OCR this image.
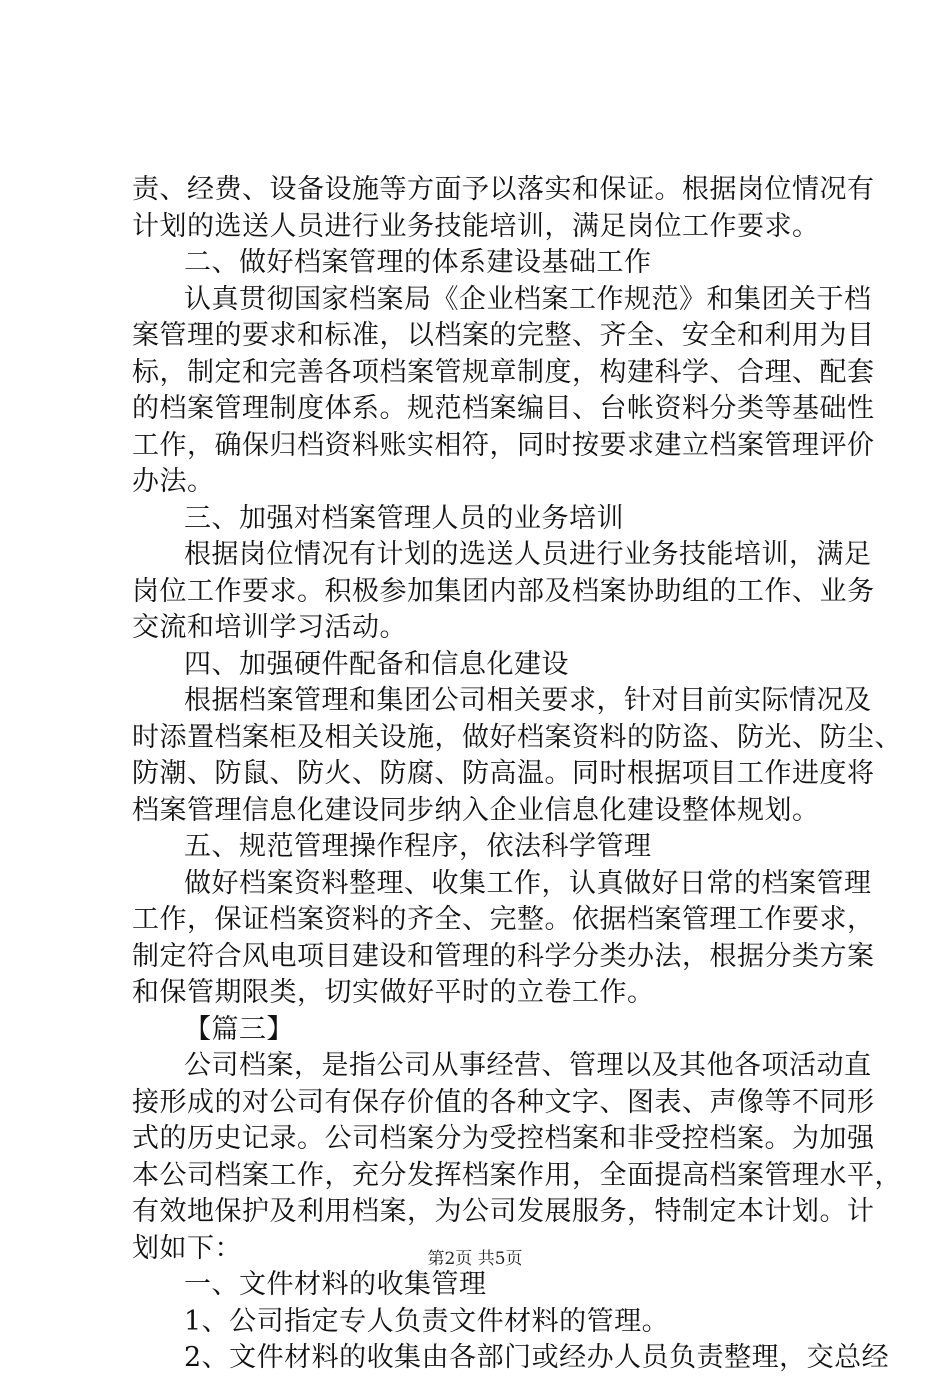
责、经费、设备设施等方面予以落实和保证。根据岗位情况有
计划的选送人员进行业务技能培训，满足岗位工作要求。
二、做好档案管理的体系建设基础工作
认真贯彻国家档案局《企业档案工作规范》和集团关于档
案管理的要求和标准，以档案的完整、齐全、安全和利用为目
标，制定和完善各项档案管规章制度，构建科学、合理、配套
的档案管理制度体系。规范档案编目、台帐资料分类等基础性
工作，确保归档资料账实相符，同时按要求建立档案管理评价
办法。
三、加强对档案管理人员的业务培训
根据岗位情况有计划的选送人员进行业务技能培训，满足
岗位工作要求。积极参加集团内部及档案协助组的工作、业务
交流和培训学习活动。
四、加强硬件配备和信息化建设
根据档案管理和集团公司相关要求，针对目前实际情况及
时添置档案柜及相关设施，做好档案资料的防盗、防光、防尘、
防潮、防鼠、防火、防腐、防高温。同时根据项目工作进度将
档案管理信息化建设同步纳入企业信息化建设整体规划。
五、规范管理操作程序，依法科学管理
做好档案资料整理、收集工作，认真做好日常的档案管理
工作，保证档案资料的齐全、完整。依据档案管理工作要求，
制定符合风电项目建设和管理的科学分类办法，根据分类方案
和保管期限类，切实做好平时的立卷工作。
【篇三】
公司档案，是指公司从事经营、管理以及其他各项活动直
接形成的对公司有保存价值的各种文字、图表、声像等不同形
式的历史记录。公司档案分为受控档案和非受控档案。为加强
本公司档案工作，充分发挥档案作用，全面提高档案管理水平，
有效地保护及利用档案，为公司发展服务，特制定本计划。计
划如下：
一、文件材料的收集管理
1、公司指定专人负责文件材料的管理。
2、文件材料的收集由各部门或经办人员负责整理，交总经
第2页 共5页
